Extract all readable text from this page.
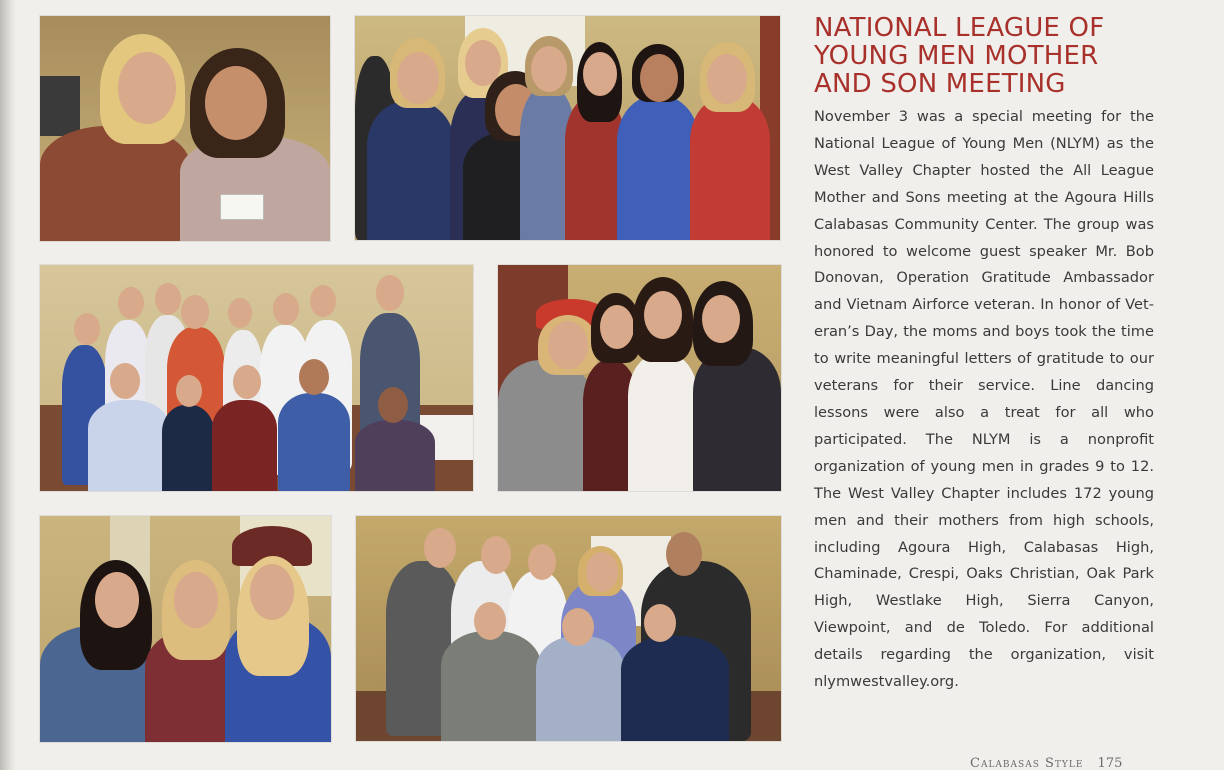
NATIONAL LEAGUE OF YOUNG MEN MOTHER AND SON MEETING

November 3 was a special meeting for the National League of Young Men (NLYM) as the West Valley Chapter hosted the All League Mother and Sons meeting at the Agoura Hills Calabasas Community Center. The group was honored to welcome guest speaker Mr. Bob Donovan, Operation Gratitude Ambassador and Vietnam Airforce veteran. In honor of Veteran’s Day, the moms and boys took the time to write meaningful letters of gratitude to our veterans for their service. Line dancing lessons were also a treat for all who participated. The NLYM is a nonprofit organization of young men in grades 9 to 12. The West Valley Chapter includes 172 young men and their mothers from high schools, including Agoura High, Calabasas High, Chaminade, Crespi, Oaks Christian, Oak Park High, Westlake High, Sierra Canyon, Viewpoint, and de Toledo. For additional details regarding the organization, visit nlymwestvalley.org.

Calabasas Style 175
